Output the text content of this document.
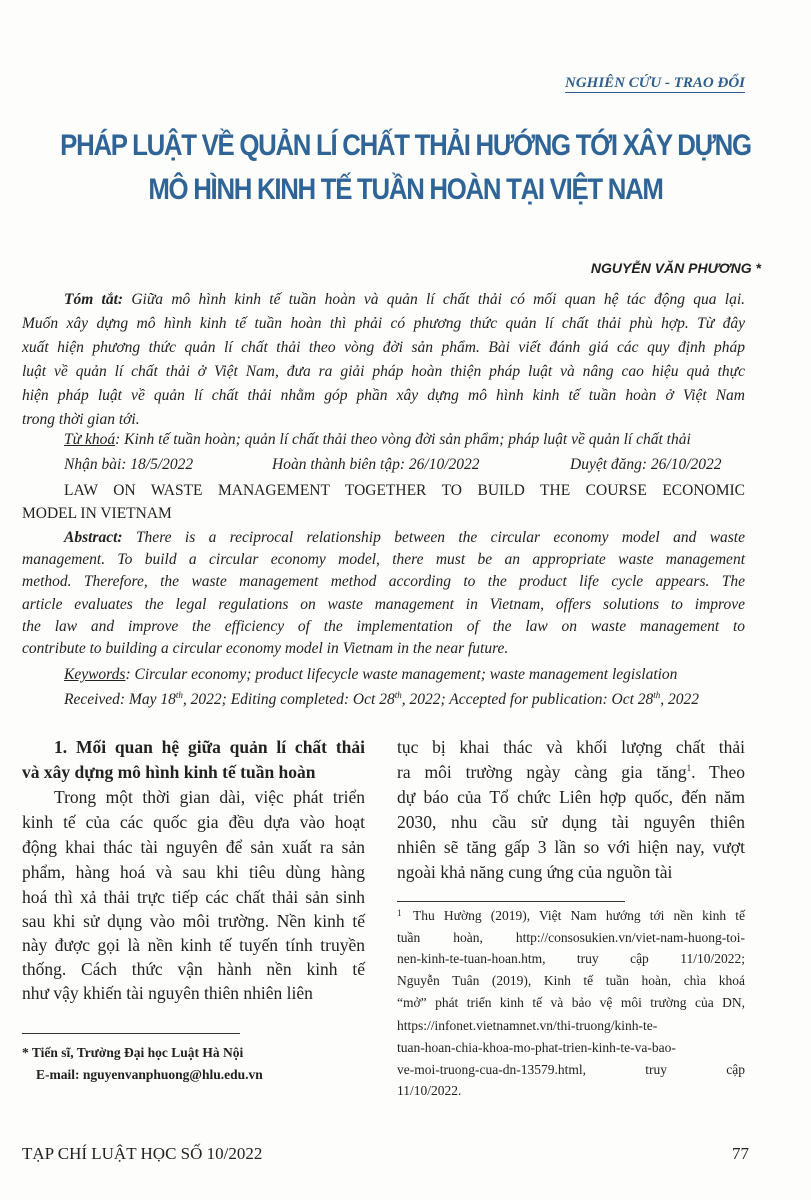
NGHIÊN CỨU - TRAO ĐỔI
PHÁP LUẬT VỀ QUẢN LÍ CHẤT THẢI HƯỚNG TỚI XÂY DỰNG
MÔ HÌNH KINH TẾ TUẦN HOÀN TẠI VIỆT NAM
NGUYỄN VĂN PHƯƠNG *
Tóm tắt: Giữa mô hình kinh tế tuần hoàn và quản lí chất thải có mối quan hệ tác động qua lại.
Muốn xây dựng mô hình kinh tế tuần hoàn thì phải có phương thức quản lí chất thải phù hợp. Từ đây
xuất hiện phương thức quản lí chất thải theo vòng đời sản phẩm. Bài viết đánh giá các quy định pháp
luật về quản lí chất thải ở Việt Nam, đưa ra giải pháp hoàn thiện pháp luật và nâng cao hiệu quả thực
hiện pháp luật về quản lí chất thải nhằm góp phần xây dựng mô hình kinh tế tuần hoàn ở Việt Nam
trong thời gian tới.
Từ khoá: Kinh tế tuần hoàn; quản lí chất thải theo vòng đời sản phẩm; pháp luật về quản lí chất thải
Nhận bài: 18/5/2022	Hoàn thành biên tập: 26/10/2022	Duyệt đăng: 26/10/2022
LAW ON WASTE MANAGEMENT TOGETHER TO BUILD THE COURSE ECONOMIC
MODEL IN VIETNAM
Abstract: There is a reciprocal relationship between the circular economy model and waste
management. To build a circular economy model, there must be an appropriate waste management
method. Therefore, the waste management method according to the product life cycle appears. The
article evaluates the legal regulations on waste management in Vietnam, offers solutions to improve
the law and improve the efficiency of the implementation of the law on waste management to
contribute to building a circular economy model in Vietnam in the near future.
Keywords: Circular economy; product lifecycle waste management; waste management legislation
Received: May 18th, 2022; Editing completed: Oct 28th, 2022; Accepted for publication: Oct 28th, 2022
1. Mối quan hệ giữa quản lí chất thải
và xây dựng mô hình kinh tế tuần hoàn
Trong một thời gian dài, việc phát triển
kinh tế của các quốc gia đều dựa vào hoạt
động khai thác tài nguyên để sản xuất ra sản
phẩm, hàng hoá và sau khi tiêu dùng hàng
hoá thì xả thải trực tiếp các chất thải sản sinh
sau khi sử dụng vào môi trường. Nền kinh tế
này được gọi là nền kinh tế tuyến tính truyền
thống. Cách thức vận hành nền kinh tế
như vậy khiến tài nguyên thiên nhiên liên
tục bị khai thác và khối lượng chất thải
ra môi trường ngày càng gia tăng$^1$. Theo
dự báo của Tổ chức Liên hợp quốc, đến năm
2030, nhu cầu sử dụng tài nguyên thiên
nhiên sẽ tăng gấp 3 lần so với hiện nay, vượt
ngoài khả năng cung ứng của nguồn tài
* Tiến sĩ, Trường Đại học Luật Hà Nội
E-mail: nguyenvanphuong@hlu.edu.vn
1 Thu Hường (2019), Việt Nam hướng tới nền kinh tế
tuần hoàn, http://consosukien.vn/viet-nam-huong-toi-
nen-kinh-te-tuan-hoan.htm, truy cập 11/10/2022;
Nguyễn Tuân (2019), Kinh tế tuần hoàn, chìa khoá
“mở” phát triển kinh tế và bảo vệ môi trường của DN,
https://infonet.vietnamnet.vn/thi-truong/kinh-te-
tuan-hoan-chia-khoa-mo-phat-trien-kinh-te-va-bao-
ve-moi-truong-cua-dn-13579.html, truy cập
11/10/2022.
TẠP CHÍ LUẬT HỌC SỐ 10/2022	77
